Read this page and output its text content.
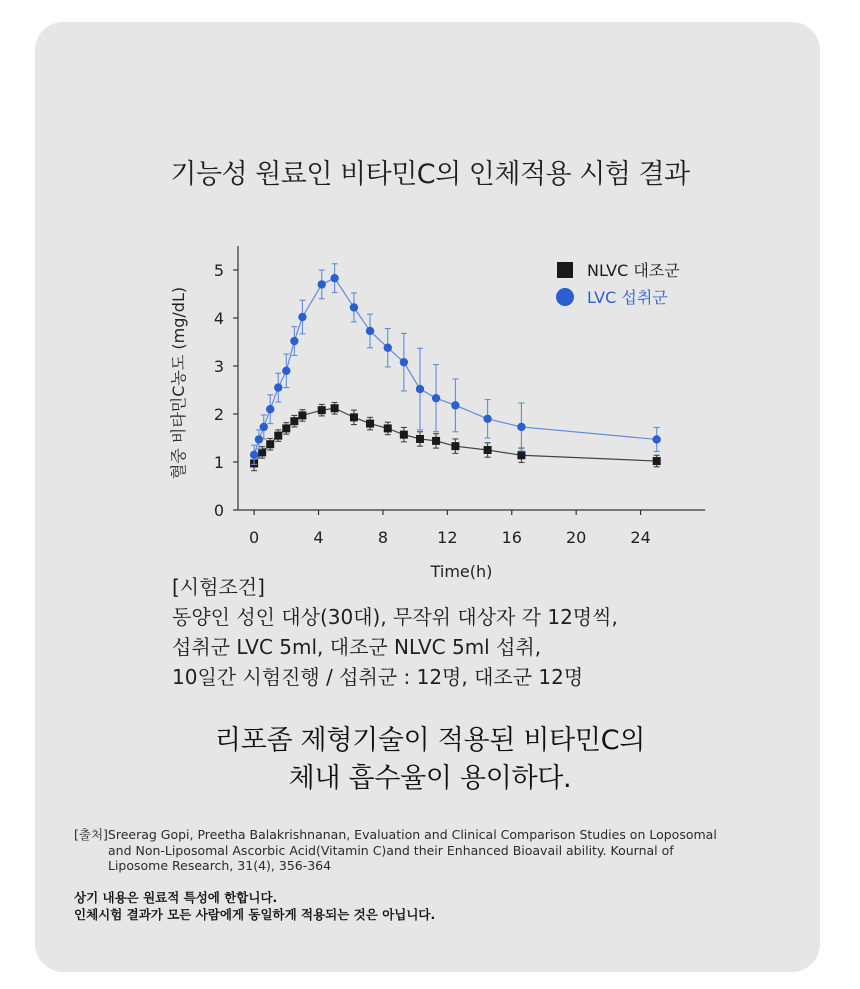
기능성 원료인 비타민C의 인체적용 시험 결과
0
1
2
3
4
5
0	4	8	12	16	20	24
Time(h)
혈중 비타민C농도 (mg/dL)
NLVC 대조군
LVC 섭취군
[시험조건]
동양인 성인 대상(30대), 무작위 대상자 각 12명씩,
섭취군 LVC 5ml, 대조군 NLVC 5ml 섭취,
10일간 시험진행 / 섭취군 : 12명, 대조군 12명
리포좀 제형기술이 적용된 비타민C의
체내 흡수율이 용이하다.
[출처]Sreerag Gopi, Preetha Balakrishnanan, Evaluation and Clinical Comparison Studies on Loposomal
and Non-Liposomal Ascorbic Acid(Vitamin C)and their Enhanced Bioavail ability. Kournal of
Liposome Research, 31(4), 356-364
상기 내용은 원료적 특성에 한합니다.
인체시험 결과가 모든 사람에게 동일하게 적용되는 것은 아닙니다.
